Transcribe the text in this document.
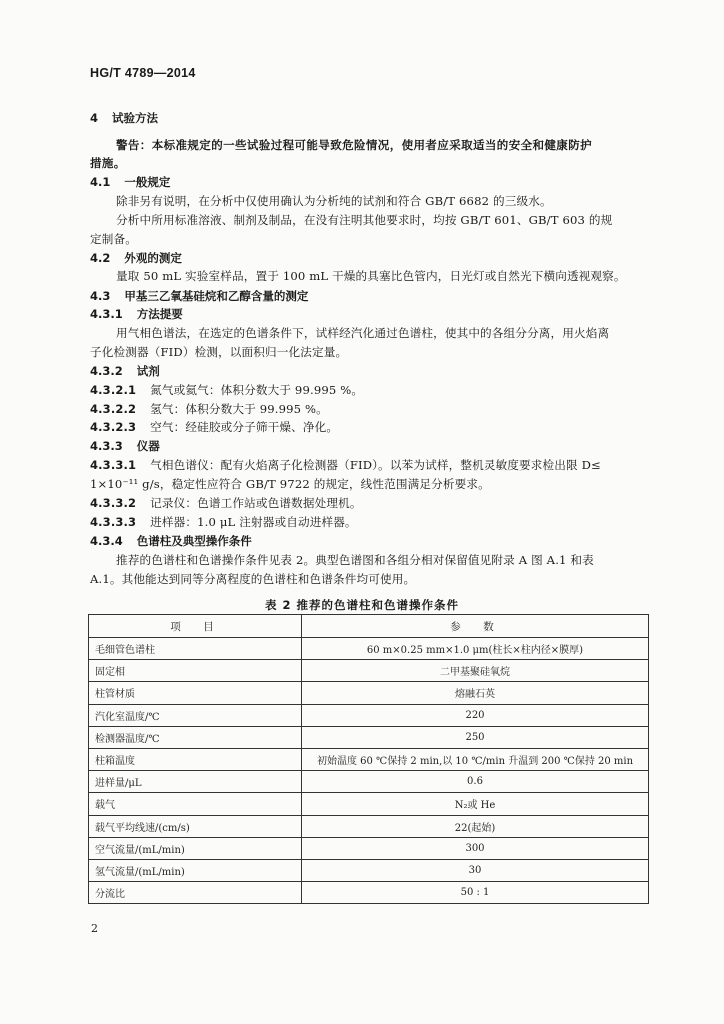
HG/T 4789—2014
4 试验方法
警告：本标准规定的一些试验过程可能导致危险情况，使用者应采取适当的安全和健康防护
措施。
4.1 一般规定
除非另有说明，在分析中仅使用确认为分析纯的试剂和符合 GB/T 6682 的三级水。
分析中所用标准溶液、制剂及制品，在没有注明其他要求时，均按 GB/T 601、GB/T 603 的规
定制备。
4.2 外观的测定
量取 50 mL 实验室样品，置于 100 mL 干燥的具塞比色管内，日光灯或自然光下横向透视观察。
4.3 甲基三乙氧基硅烷和乙醇含量的测定
4.3.1 方法提要
用气相色谱法，在选定的色谱条件下，试样经汽化通过色谱柱，使其中的各组分分离，用火焰离
子化检测器（FID）检测，以面积归一化法定量。
4.3.2 试剂
4.3.2.1 氮气或氦气：体积分数大于 99.995 %。
4.3.2.2 氢气：体积分数大于 99.995 %。
4.3.2.3 空气：经硅胶或分子筛干燥、净化。
4.3.3 仪器
4.3.3.1 气相色谱仪：配有火焰离子化检测器（FID）。以苯为试样，整机灵敏度要求检出限 D≤
1×10⁻¹¹ g/s，稳定性应符合 GB/T 9722 的规定，线性范围满足分析要求。
4.3.3.2 记录仪：色谱工作站或色谱数据处理机。
4.3.3.3 进样器：1.0 μL 注射器或自动进样器。
4.3.4 色谱柱及典型操作条件
推荐的色谱柱和色谱操作条件见表 2。典型色谱图和各组分相对保留值见附录 A 图 A.1 和表
A.1。其他能达到同等分离程度的色谱柱和色谱条件均可使用。
表 2 推荐的色谱柱和色谱操作条件
项　目	参　数
毛细管色谱柱	60 m×0.25 mm×1.0 μm(柱长×柱内径×膜厚)
固定相	二甲基聚硅氧烷
柱管材质	熔融石英
汽化室温度/℃	220
检测器温度/℃	250
柱箱温度	初始温度 60 ℃保持 2 min,以 10 ℃/min 升温到 200 ℃保持 20 min
进样量/μL	0.6
载气	N₂或 He
载气平均线速/(cm/s)	22(起始)
空气流量/(mL/min)	300
氢气流量/(mL/min)	30
分流比	50 : 1
2
